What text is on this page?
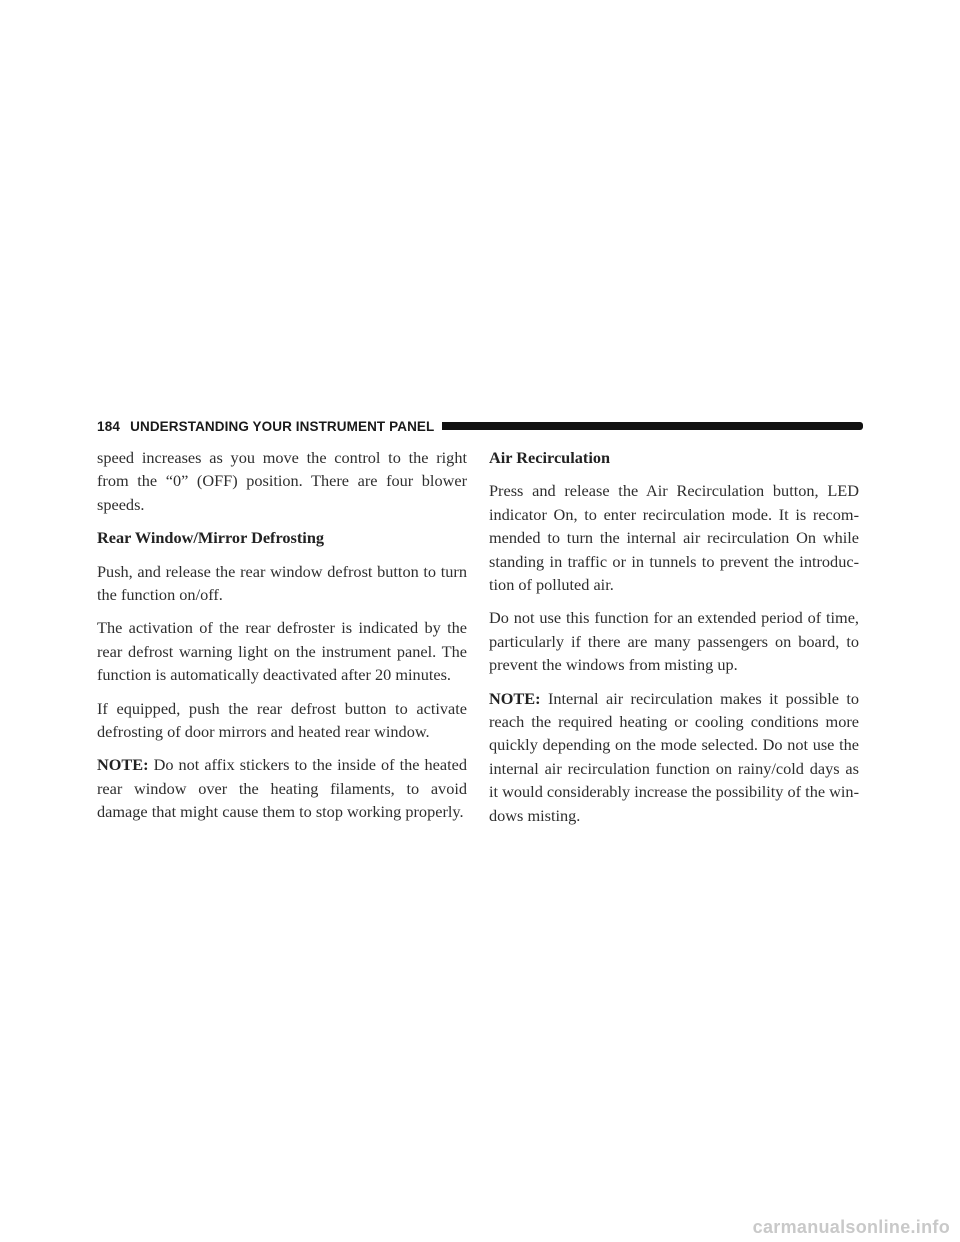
184 UNDERSTANDING YOUR INSTRUMENT PANEL

speed increases as you move the control to the right from the “0” (OFF) position. There are four blower speeds.

Rear Window/Mirror Defrosting

Push, and release the rear window defrost button to turn the function on/off.

The activation of the rear defroster is indicated by the rear defrost warning light on the instrument panel. The function is automatically deactivated after 20 minutes.

If equipped, push the rear defrost button to activate defrosting of door mirrors and heated rear window.

NOTE: Do not affix stickers to the inside of the heated rear window over the heating filaments, to avoid damage that might cause them to stop working properly.

Air Recirculation

Press and release the Air Recirculation button, LED indicator On, to enter recirculation mode. It is recommended to turn the internal air recirculation On while standing in traffic or in tunnels to prevent the introduction of polluted air.

Do not use this function for an extended period of time, particularly if there are many passengers on board, to prevent the windows from misting up.

NOTE: Internal air recirculation makes it possible to reach the required heating or cooling conditions more quickly depending on the mode selected. Do not use the internal air recirculation function on rainy/cold days as it would considerably increase the possibility of the windows misting.

carmanualsonline.info
